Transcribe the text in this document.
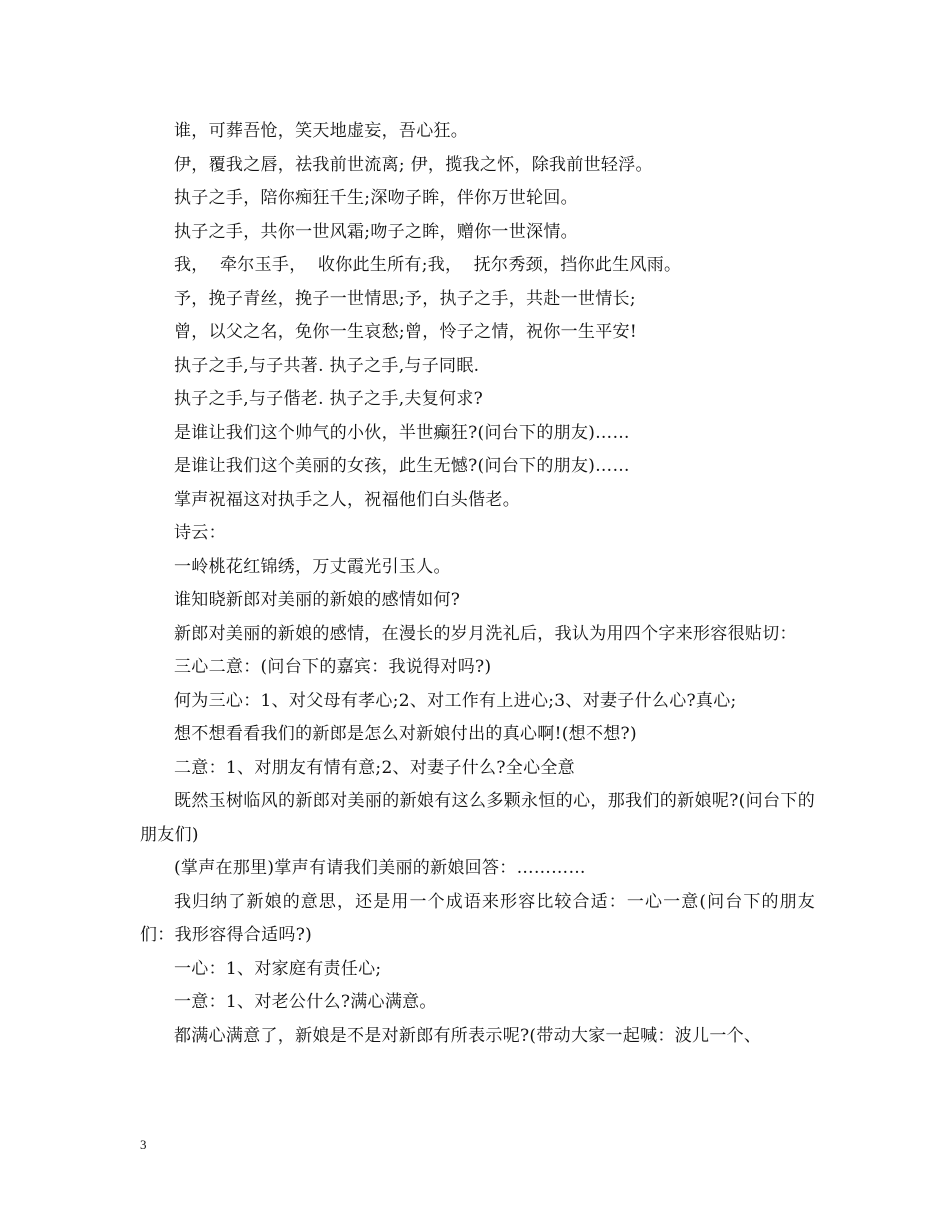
谁，可葬吾怆，笑天地虚妄，吾心狂。

伊，覆我之唇，祛我前世流离; 伊，揽我之怀，除我前世轻浮。

执子之手，陪你痴狂千生;深吻子眸，伴你万世轮回。

执子之手，共你一世风霜;吻子之眸，赠你一世深情。

我，  牵尔玉手，  收你此生所有;我，  抚尔秀颈，挡你此生风雨。

予，挽子青丝，挽子一世情思;予，执子之手，共赴一世情长;

曾，以父之名，免你一生哀愁;曾，怜子之情，祝你一生平安!

执子之手,与子共著. 执子之手,与子同眠.

执子之手,与子偕老. 执子之手,夫复何求?

是谁让我们这个帅气的小伙，半世癫狂?(问台下的朋友)……

是谁让我们这个美丽的女孩，此生无憾?(问台下的朋友)……

掌声祝福这对执手之人，祝福他们白头偕老。

诗云：

一岭桃花红锦绣，万丈霞光引玉人。

谁知晓新郎对美丽的新娘的感情如何?

新郎对美丽的新娘的感情，在漫长的岁月洗礼后，我认为用四个字来形容很贴切：

三心二意：(问台下的嘉宾：我说得对吗?)

何为三心：1、对父母有孝心;2、对工作有上进心;3、对妻子什么心?真心;

想不想看看我们的新郎是怎么对新娘付出的真心啊!(想不想?)

二意：1、对朋友有情有意;2、对妻子什么?全心全意

既然玉树临风的新郎对美丽的新娘有这么多颗永恒的心，那我们的新娘呢?(问台下的朋友们)

(掌声在那里)掌声有请我们美丽的新娘回答：…………

我归纳了新娘的意思，还是用一个成语来形容比较合适：一心一意(问台下的朋友们：我形容得合适吗?)

一心：1、对家庭有责任心;

一意：1、对老公什么?满心满意。

都满心满意了，新娘是不是对新郎有所表示呢?(带动大家一起喊：波儿一个、

3
